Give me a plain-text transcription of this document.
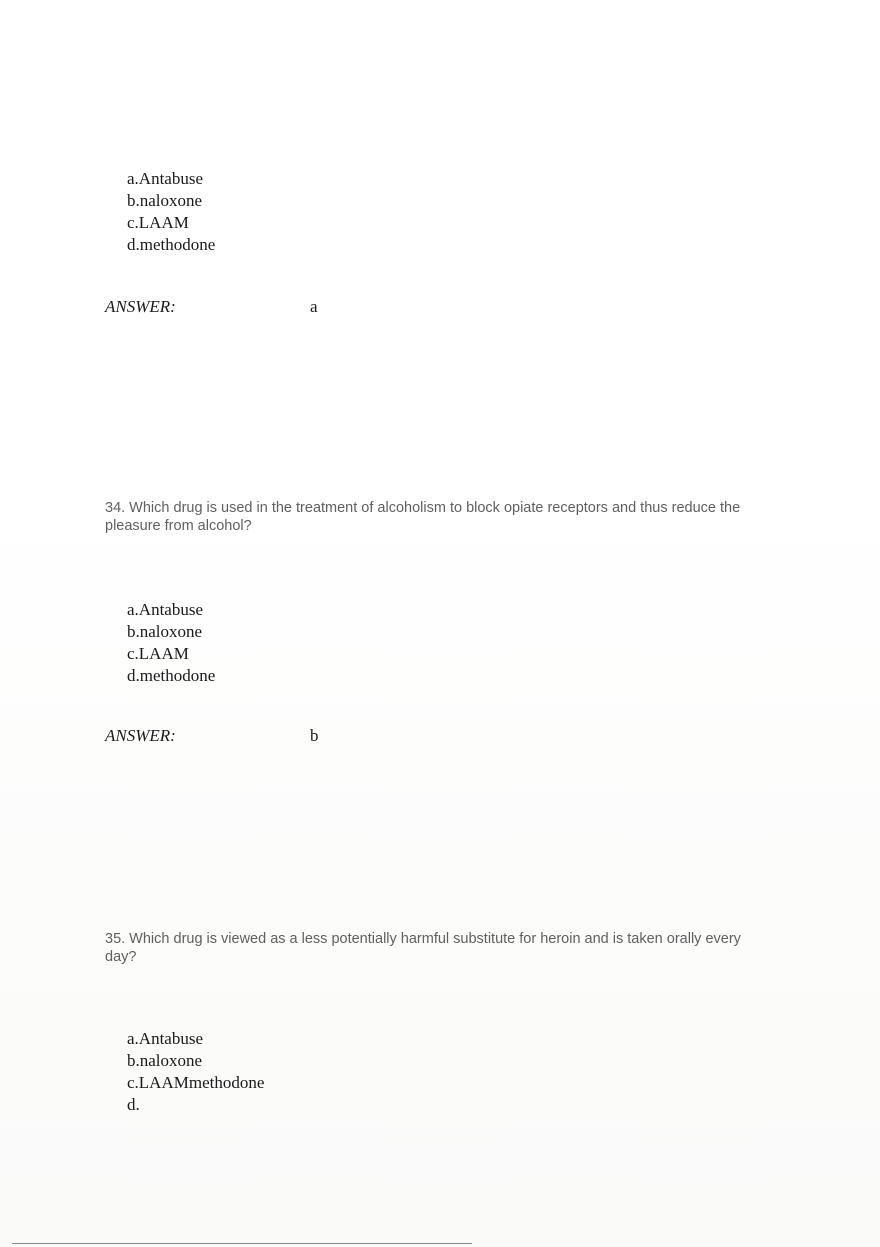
a.Antabuse
b.naloxone
c.LAAM
d.methodone
ANSWER:	a
34. Which drug is used in the treatment of alcoholism to block opiate receptors and thus reduce the pleasure from alcohol?
a.Antabuse
b.naloxone
c.LAAM
d.methodone
ANSWER:	b
35. Which drug is viewed as a less potentially harmful substitute for heroin and is taken orally every day?
a.Antabuse
b.naloxone
c.LAAMmethodone
d.
